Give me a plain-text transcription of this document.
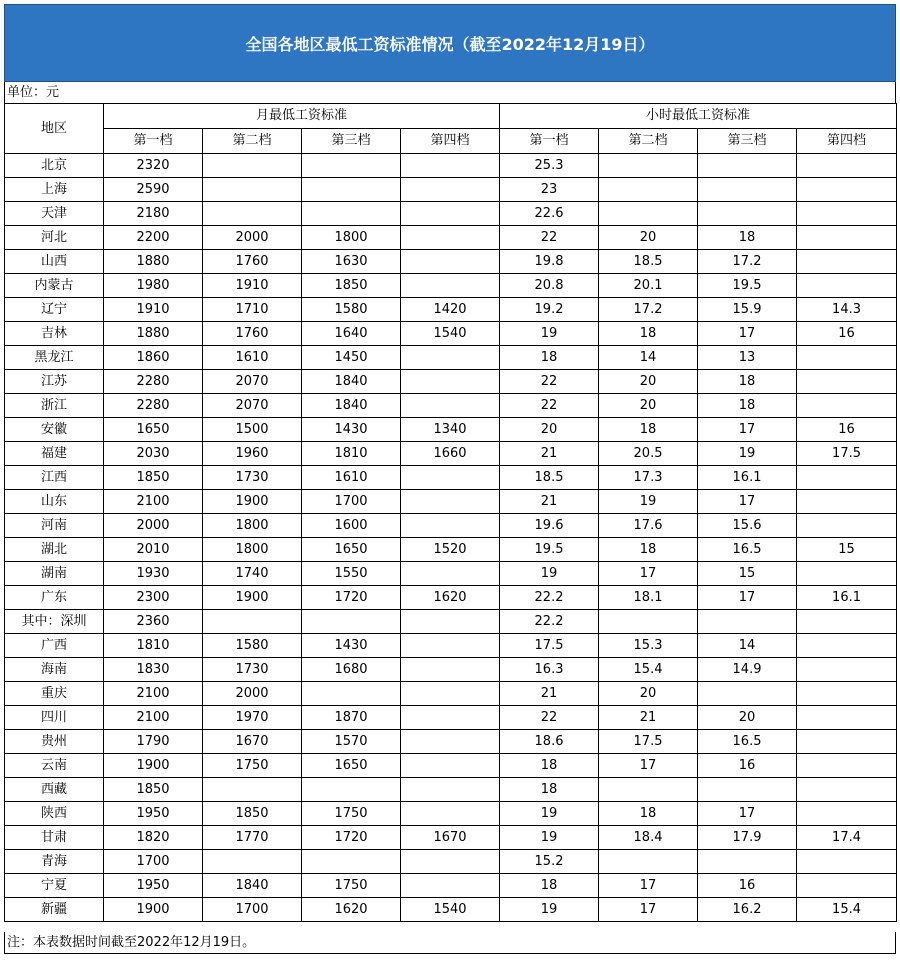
全国各地区最低工资标准情况（截至2022年12月19日）
单位：元
地区	月最低工资标准				小时最低工资标准			
	第一档	第二档	第三档	第四档	第一档	第二档	第三档	第四档
北京	2320				25.3			
上海	2590				23			
天津	2180				22.6			
河北	2200	2000	1800		22	20	18	
山西	1880	1760	1630		19.8	18.5	17.2	
内蒙古	1980	1910	1850		20.8	20.1	19.5	
辽宁	1910	1710	1580	1420	19.2	17.2	15.9	14.3
吉林	1880	1760	1640	1540	19	18	17	16
黑龙江	1860	1610	1450		18	14	13	
江苏	2280	2070	1840		22	20	18	
浙江	2280	2070	1840		22	20	18	
安徽	1650	1500	1430	1340	20	18	17	16
福建	2030	1960	1810	1660	21	20.5	19	17.5
江西	1850	1730	1610		18.5	17.3	16.1	
山东	2100	1900	1700		21	19	17	
河南	2000	1800	1600		19.6	17.6	15.6	
湖北	2010	1800	1650	1520	19.5	18	16.5	15
湖南	1930	1740	1550		19	17	15	
广东	2300	1900	1720	1620	22.2	18.1	17	16.1
其中：深圳	2360				22.2			
广西	1810	1580	1430		17.5	15.3	14	
海南	1830	1730	1680		16.3	15.4	14.9	
重庆	2100	2000			21	20		
四川	2100	1970	1870		22	21	20	
贵州	1790	1670	1570		18.6	17.5	16.5	
云南	1900	1750	1650		18	17	16	
西藏	1850				18			
陕西	1950	1850	1750		19	18	17	
甘肃	1820	1770	1720	1670	19	18.4	17.9	17.4
青海	1700				15.2			
宁夏	1950	1840	1750		18	17	16	
新疆	1900	1700	1620	1540	19	17	16.2	15.4
注：本表数据时间截至2022年12月19日。
